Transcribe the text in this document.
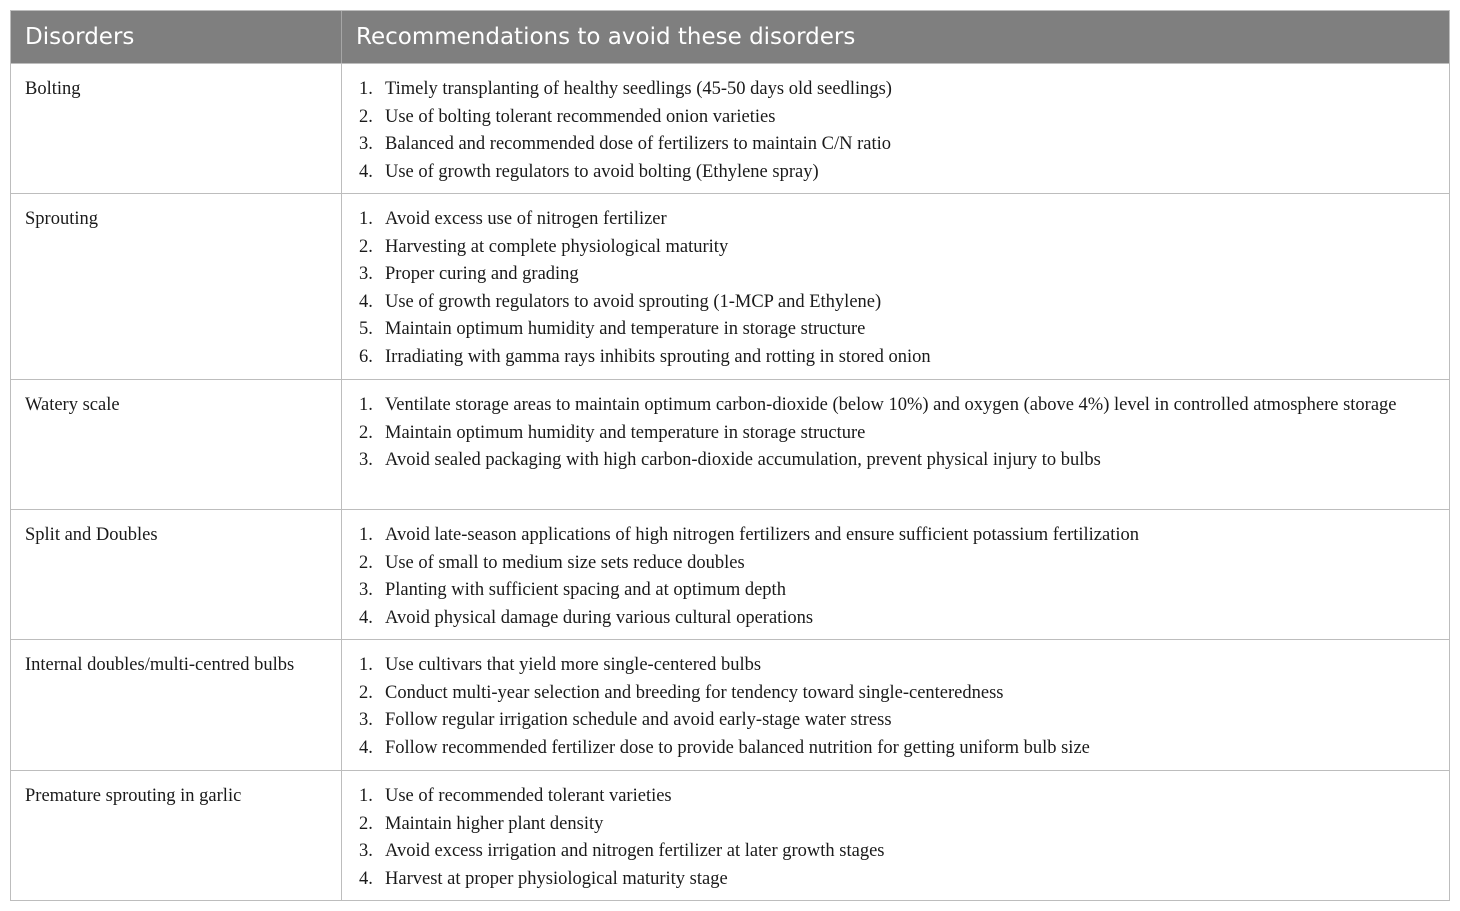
Disorders	Recommendations to avoid these disorders
Bolting	1. Timely transplanting of healthy seedlings (45-50 days old seedlings)
2. Use of bolting tolerant recommended onion varieties
3. Balanced and recommended dose of fertilizers to maintain C/N ratio
4. Use of growth regulators to avoid bolting (Ethylene spray)
Sprouting	1. Avoid excess use of nitrogen fertilizer
2. Harvesting at complete physiological maturity
3. Proper curing and grading
4. Use of growth regulators to avoid sprouting (1-MCP and Ethylene)
5. Maintain optimum humidity and temperature in storage structure
6. Irradiating with gamma rays inhibits sprouting and rotting in stored onion
Watery scale	1. Ventilate storage areas to maintain optimum carbon-dioxide (below 10%) and oxygen (above 4%) level in controlled atmosphere storage
2. Maintain optimum humidity and temperature in storage structure
3. Avoid sealed packaging with high carbon-dioxide accumulation, prevent physical injury to bulbs
Split and Doubles	1. Avoid late-season applications of high nitrogen fertilizers and ensure sufficient potassium fertilization
2. Use of small to medium size sets reduce doubles
3. Planting with sufficient spacing and at optimum depth
4. Avoid physical damage during various cultural operations
Internal doubles/multi-centred bulbs	1. Use cultivars that yield more single-centered bulbs
2. Conduct multi-year selection and breeding for tendency toward single-centeredness
3. Follow regular irrigation schedule and avoid early-stage water stress
4. Follow recommended fertilizer dose to provide balanced nutrition for getting uniform bulb size
Premature sprouting in garlic	1. Use of recommended tolerant varieties
2. Maintain higher plant density
3. Avoid excess irrigation and nitrogen fertilizer at later growth stages
4. Harvest at proper physiological maturity stage
